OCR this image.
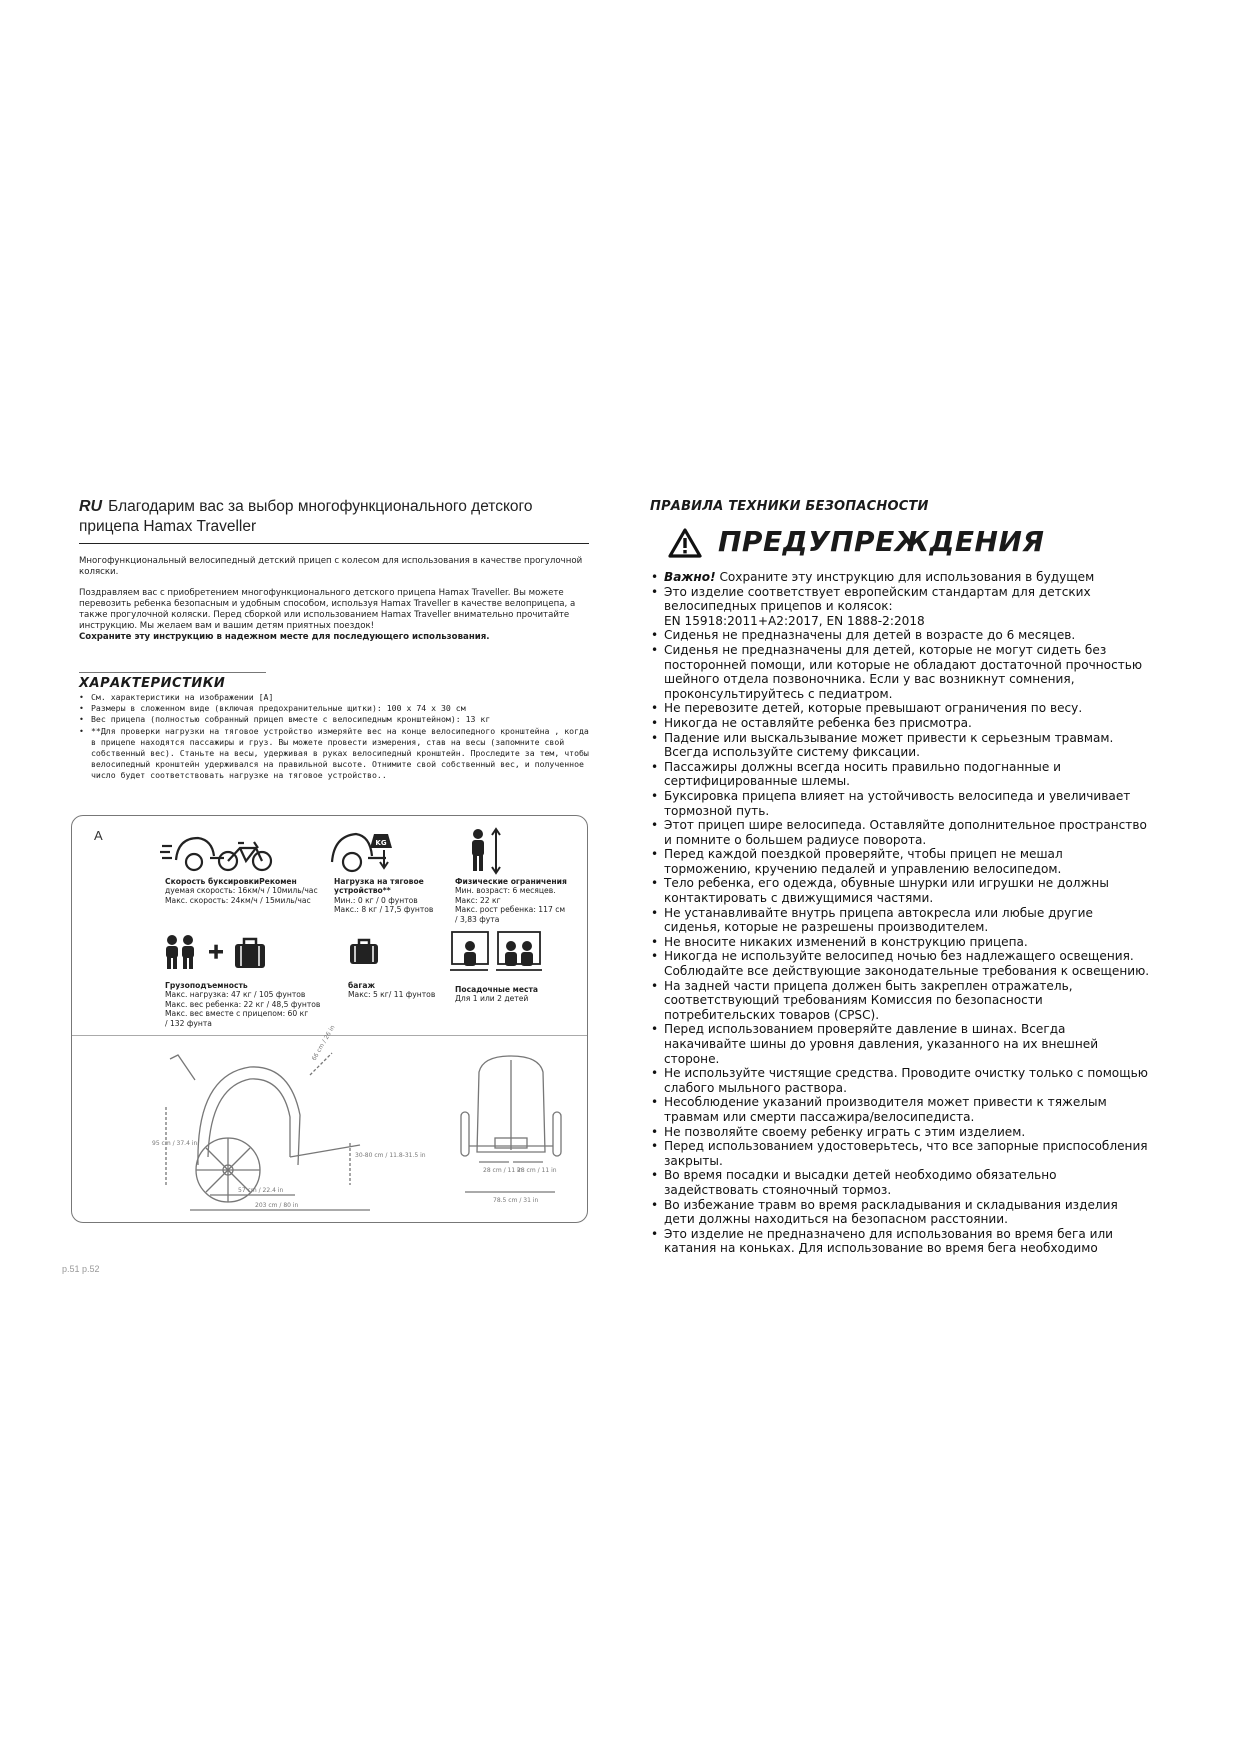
RU Благодарим вас за выбор многофункционального детского прицепа Hamax Traveller

Многофункциональный велосипедный детский прицеп с колесом для использования в качестве прогулочной коляски.

Поздравляем вас с приобретением многофункционального детского прицепа Hamax Traveller. Вы можете перевозить ребенка безопасным и удобным способом, используя Hamax Traveller в качестве велоприцепа, а также прогулочной коляски. Перед сборкой или использованием Hamax Traveller внимательно прочитайте инструкцию. Мы желаем вам и вашим детям приятных поездок!
Сохраните эту инструкцию в надежном месте для последующего использования.

ХАРАКТЕРИСТИКИ
• См. характеристики на изображении [A]
• Размеры в сложенном виде (включая предохранительные щитки): 100 x 74 x 30 см
• Вес прицепа (полностью собранный прицеп вместе с велосипедным кронштейном): 13 кг
• **Для проверки нагрузки на тяговое устройство измеряйте вес на конце велосипедного кронштейна , когда в прицепе находятся пассажиры и груз. Вы можете провести измерения, став на весы (запомните свой собственный вес). Станьте на весы, удерживая в руках велосипедный кронштейн. Проследите за тем, чтобы велосипедный кронштейн удерживался на правильной высоте. Отнимите свой собственный вес, и полученное число будет соответствовать нагрузке на тяговое устройство..
A	KG
Скорость буксировкиРекомен
дуемая скорость: 16км/ч / 10миль/час
Макс. скорость: 24км/ч / 15миль/час
Нагрузка на тяговое
устройство**
Мин.: 0 кг / 0 фунтов
Макс.: 8 кг / 17,5 фунтов
Физические ограничения
Мин. возраст: 6 месяцев.
Макс: 22 кг
Макс. рост ребенка: 117 см
/ 3,83 фута
Грузоподъемность
Макс. нагрузка: 47 кг / 105 фунтов
Макс. вес ребенка: 22 кг / 48,5 фунтов
Макс. вес вместе с прицепом: 60 кг
/ 132 фунта
багаж
Макс: 5 кг/ 11 фунтов
Посадочные места
Для 1 или 2 детей
95 cm / 37.4 in
66 cm / 26 in
30-80 cm / 11.8-31.5 in
57 cm / 22.4 in
203 cm / 80 in
28 cm / 11 in
28 cm / 11 in
78.5 cm / 31 in
p.51 p.52
ПРАВИЛА ТЕХНИКИ БЕЗОПАСНОСТИ
ПРЕДУПРЕЖДЕНИЯ
• Важно! Сохраните эту инструкцию для использования в будущем
• Это изделие соответствует европейским стандартам для детских велосипедных прицепов и колясок:
EN 15918:2011+A2:2017, EN 1888-2:2018
• Сиденья не предназначены для детей в возрасте до 6 месяцев.
• Сиденья не предназначены для детей, которые не могут сидеть без посторонней помощи, или которые не обладают достаточной прочностью шейного отдела позвоночника. Если у вас возникнут сомнения, проконсультируйтесь с педиатром.
• Не перевозите детей, которые превышают ограничения по весу.
• Никогда не оставляйте ребенка без присмотра.
• Падение или выскальзывание может привести к серьезным травмам. Всегда используйте систему фиксации.
• Пассажиры должны всегда носить правильно подогнанные и сертифицированные шлемы.
• Буксировка прицепа влияет на устойчивость велосипеда и увеличивает тормозной путь.
• Этот прицеп шире велосипеда. Оставляйте дополнительное пространство и помните о большем радиусе поворота.
• Перед каждой поездкой проверяйте, чтобы прицеп не мешал торможению, кручению педалей и управлению велосипедом.
• Тело ребенка, его одежда, обувные шнурки или игрушки не должны контактировать с движущимися частями.
• Не устанавливайте внутрь прицепа автокресла или любые другие сиденья, которые не разрешены производителем.
• Не вносите никаких изменений в конструкцию прицепа.
• Никогда не используйте велосипед ночью без надлежащего освещения. Соблюдайте все действующие законодательные требования к освещению.
• На задней части прицепа должен быть закреплен отражатель, соответствующий требованиям Комиссия по безопасности потребительских товаров (CPSC).
• Перед использованием проверяйте давление в шинах. Всегда накачивайте шины до уровня давления, указанного на их внешней стороне.
• Не используйте чистящие средства. Проводите очистку только с помощью слабого мыльного раствора.
• Несоблюдение указаний производителя может привести к тяжелым травмам или смерти пассажира/велосипедиста.
• Не позволяйте своему ребенку играть с этим изделием.
• Перед использованием удостоверьтесь, что все запорные приспособления закрыты.
• Во время посадки и высадки детей необходимо обязательно задействовать стояночный тормоз.
• Во избежание травм во время раскладывания и складывания изделия дети должны находиться на безопасном расстоянии.
• Это изделие не предназначено для использования во время бега или катания на коньках. Для использование во время бега необходимо
